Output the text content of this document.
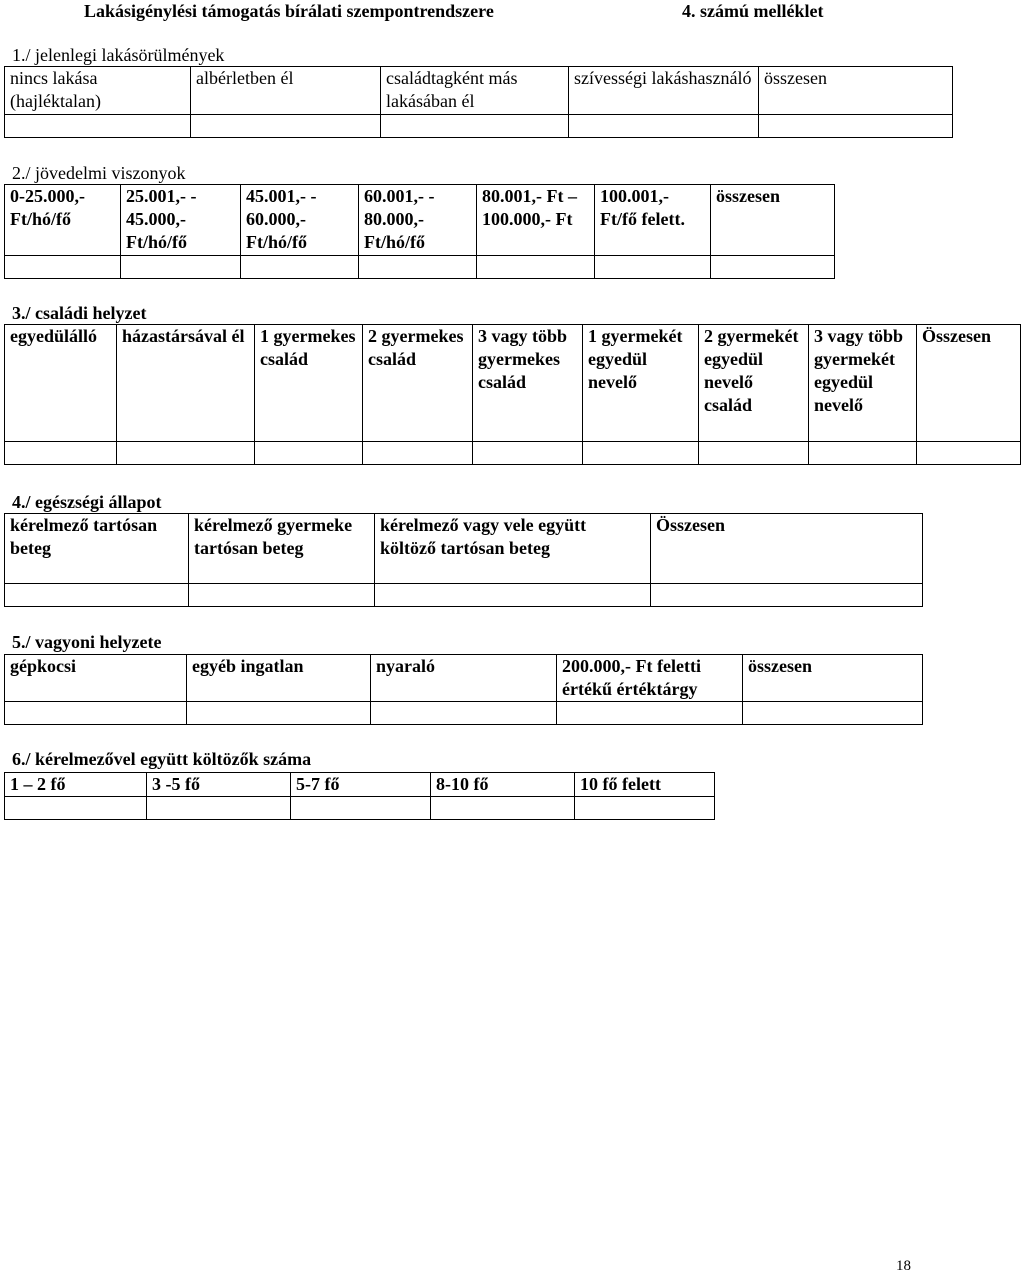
Lakásigénylési támogatás bírálati szempontrendszere	4. számú melléklet
1./ jelenlegi lakásörülmények
nincs lakása (hajléktalan)	albérletben él	családtagként más lakásában él	szívességi lakáshasználó	összesen

2./ jövedelmi viszonyok
0-25.000,- Ft/hó/fő	25.001,- - 45.000,- Ft/hó/fő	45.001,- - 60.000,- Ft/hó/fő	60.001,- - 80.000,- Ft/hó/fő	80.001,- Ft – 100.000,- Ft	100.001,- Ft/fő felett.	összesen

3./ családi helyzet
egyedülálló	házastársával él	1 gyermekes család	2 gyermekes család	3 vagy több gyermekes család	1 gyermekét egyedül nevelő	2 gyermekét egyedül nevelő család	3 vagy több gyermekét egyedül nevelő	Összesen

4./ egészségi állapot
kérelmező tartósan beteg	kérelmező gyermeke tartósan beteg	kérelmező vagy vele együtt költöző tartósan beteg	Összesen

5./ vagyoni helyzete
gépkocsi	egyéb ingatlan	nyaraló	200.000,- Ft feletti értékű értéktárgy	összesen

6./ kérelmezővel együtt költözők száma
1 – 2 fő	3 -5 fő	5-7 fő	8-10 fő	10 fő felett

18
